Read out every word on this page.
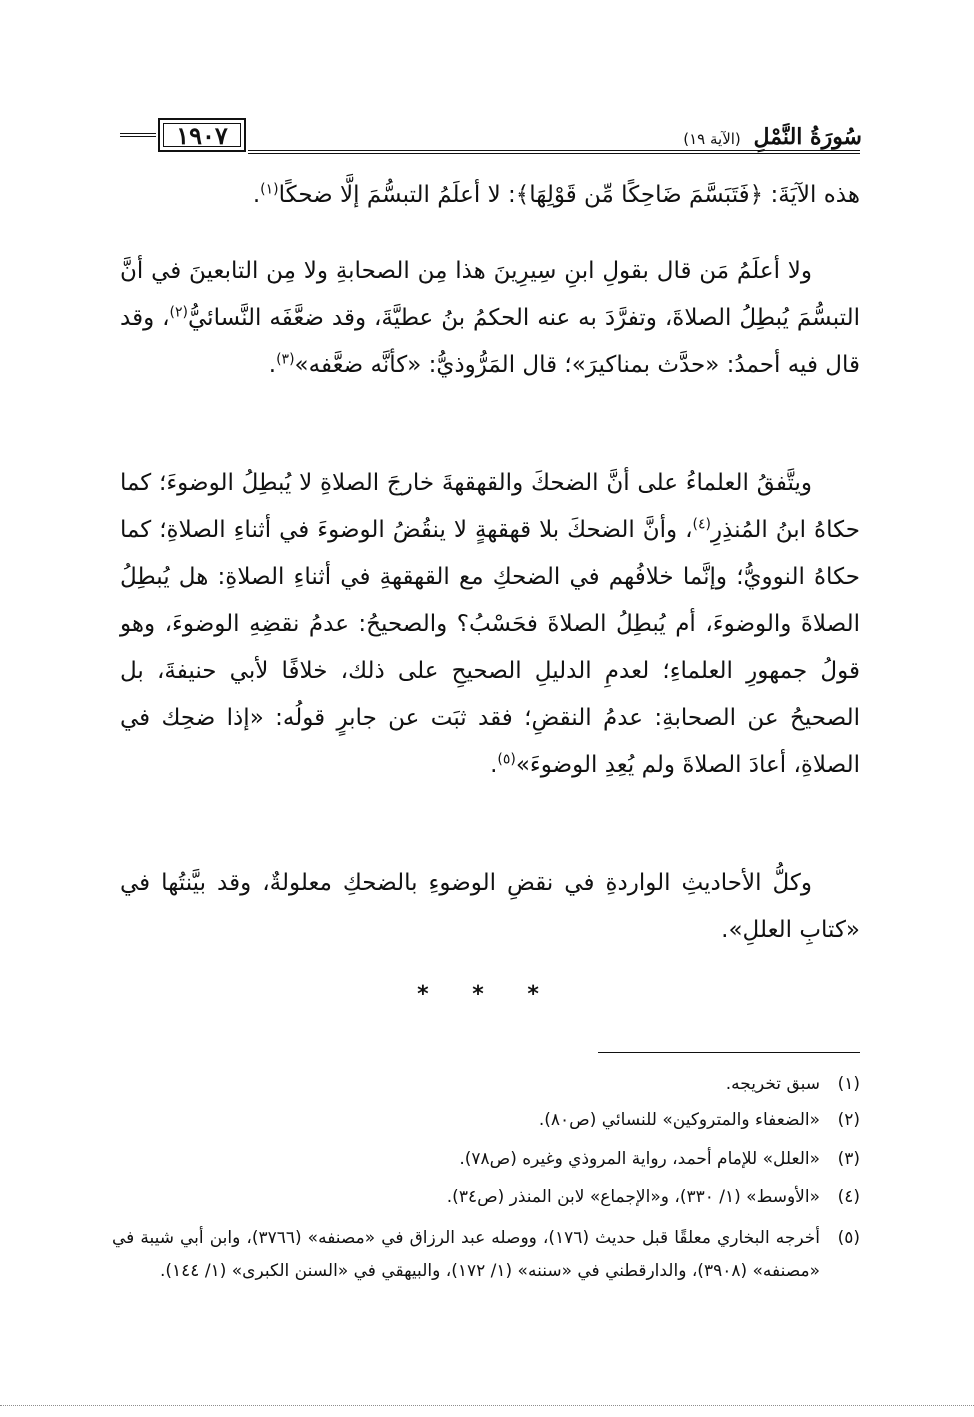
١٩٠٧	سُورَةُ النَّمْلِ (الآية ١٩)
هذه الآيَةَ: ﴿فَتَبَسَّمَ ضَاحِكًا مِّن قَوْلِهَا﴾: لا أعلَمُ التبسُّمَ إلَّا ضحكًا$^{(١)}$.
ولا أعلَمُ مَن قال بقولِ ابنِ سِيرِينَ هذا مِن الصحابةِ ولا مِن التابعينَ في أنَّ التبسُّمَ يُبطِلُ الصلاةَ، وتفرَّدَ به عنه الحكمُ بنُ عطيَّةَ، وقد ضعَّفَه النَّسائيُّ$^{(٢)}$، وقد قال فيه أحمدُ: «حدَّث بمناكيرَ»؛ قال المَرُّوذيُّ: «كأنَّه ضعَّفه»$^{(٣)}$.
ويتَّفقُ العلماءُ على أنَّ الضحكَ والقهقهةَ خارجَ الصلاةِ لا يُبطِلُ الوضوءَ؛ كما حكاهُ ابنُ المُنذِرِ$^{(٤)}$، وأنَّ الضحكَ بلا قهقهةٍ لا ينقُضُ الوضوءَ في أثناءِ الصلاةِ؛ كما حكاهُ النوويُّ؛ وإنَّما خلافُهم في الضحكِ مع القهقهةِ في أثناءِ الصلاةِ: هل يُبطِلُ الصلاةَ والوضوءَ، أم يُبطِلُ الصلاةَ فحَسْبُ؟ والصحيحُ: عدمُ نقضِهِ الوضوءَ، وهو قولُ جمهورِ العلماءِ؛ لعدمِ الدليلِ الصحيحِ على ذلك، خلافًا لأبي حنيفةَ، بل الصحيحُ عن الصحابةِ: عدمُ النقضِ؛ فقد ثبَت عن جابرٍ قولُه: «إذا ضحِك في الصلاةِ، أعادَ الصلاةَ ولم يُعِدِ الوضوءَ»$^{(٥)}$.
وكلُّ الأحاديثِ الواردةِ في نقضِ الوضوءِ بالضحكِ معلولةٌ، وقد بيَّنتُها في «كتابِ العللِ».
* * *
(١)سبق تخريجه.
(٢)«الضعفاء والمتروكين» للنسائي (ص٨٠).
(٣)«العلل» للإمام أحمد، رواية المروذي وغيره (ص٧٨).
(٤)«الأوسط» (١/ ٣٣٠)، و«الإجماع» لابن المنذر (ص٣٤).
(٥)
أخرجه البخاري معلقًا قبل حديث (١٧٦)، ووصله عبد الرزاق في «مصنفه» (٣٧٦٦)، وابن أبي شيبة في «مصنفه» (٣٩٠٨)، والدارقطني في «سننه» (١/ ١٧٢)، والبيهقي في «السنن الكبرى» (١/ ١٤٤).
